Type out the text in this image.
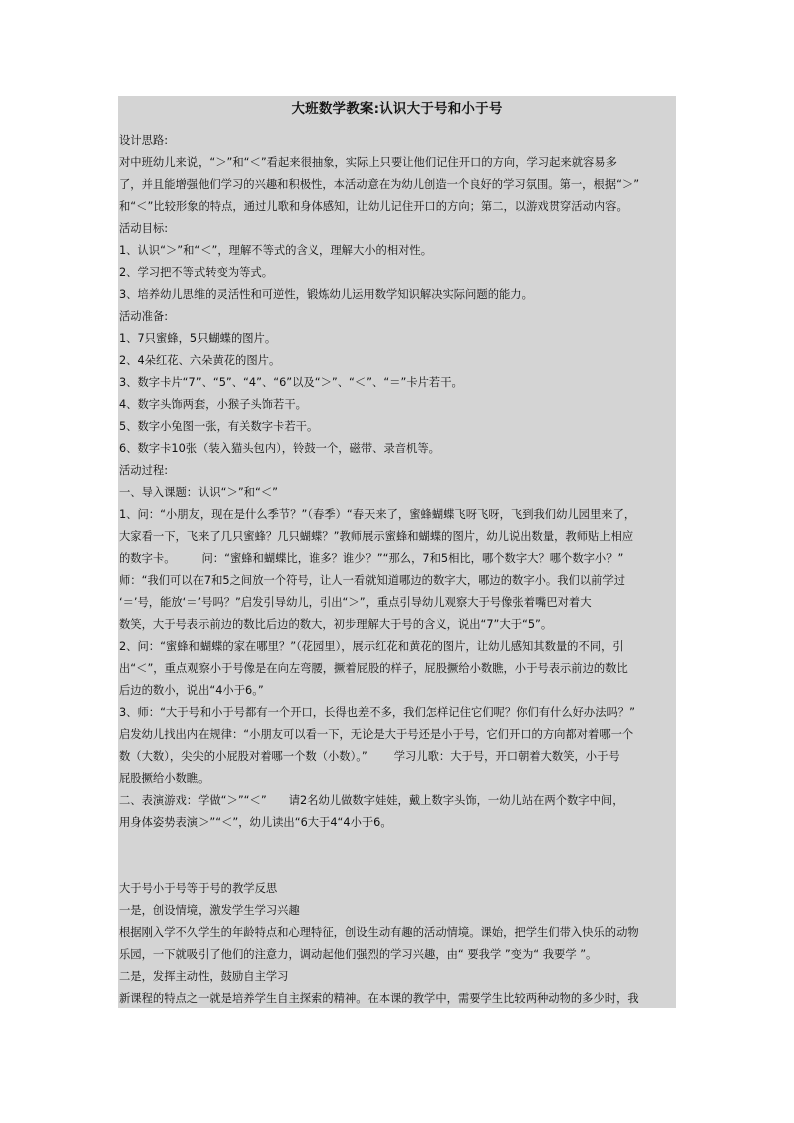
大班数学教案:认识大于号和小于号
设计思路:
对中班幼儿来说，“＞”和“＜”看起来很抽象，实际上只要让他们记住开口的方向，学习起来就容易多
了，并且能增强他们学习的兴趣和积极性，本活动意在为幼儿创造一个良好的学习氛围。第一，根据“＞”
和“＜”比较形象的特点，通过儿歌和身体感知，让幼儿记住开口的方向；第二，以游戏贯穿活动内容。
活动目标:
1、认识“＞”和“＜”，理解不等式的含义，理解大小的相对性。
2、学习把不等式转变为等式。
3、培养幼儿思维的灵活性和可逆性，锻炼幼儿运用数学知识解决实际问题的能力。
活动准备:
1、7只蜜蜂，5只蝴蝶的图片。
2、4朵红花、六朵黄花的图片。
3、数字卡片“7”、“5”、“4”、“6”以及“＞”、“＜”、“＝”卡片若干。
4、数字头饰两套，小猴子头饰若干。
5、数字小兔图一张，有关数字卡若干。
6、数字卡10张（装入猫头包内），铃鼓一个，磁带、录音机等。
活动过程:
一、导入课题：认识“＞”和“＜”
1、问：“小朋友，现在是什么季节？”（春季）“春天来了，蜜蜂蝴蝶飞呀飞呀，飞到我们幼儿园里来了，
大家看一下，飞来了几只蜜蜂？几只蝴蝶？”教师展示蜜蜂和蝴蝶的图片，幼儿说出数量，教师贴上相应
的数字卡。 问：“蜜蜂和蝴蝶比，谁多？谁少？”“那么，7和5相比，哪个数字大？哪个数字小？”
师：“我们可以在7和5之间放一个符号，让人一看就知道哪边的数字大，哪边的数字小。我们以前学过
‘＝’号，能放‘＝’号吗？”启发引导幼儿，引出“＞”，重点引导幼儿观察大于号像张着嘴巴对着大
数笑，大于号表示前边的数比后边的数大，初步理解大于号的含义，说出“7”大于“5”。
2、问：“蜜蜂和蝴蝶的家在哪里？”（花园里），展示红花和黄花的图片，让幼儿感知其数量的不同，引
出“＜”，重点观察小于号像是在向左弯腰，撅着屁股的样子，屁股撅给小数瞧，小于号表示前边的数比
后边的数小，说出“4小于6。”
3、师：“大于号和小于号都有一个开口，长得也差不多，我们怎样记住它们呢？你们有什么好办法吗？”
启发幼儿找出内在规律：“小朋友可以看一下，无论是大于号还是小于号，它们开口的方向都对着哪一个
数（大数），尖尖的小屁股对着哪一个数（小数）。” 学习儿歌：大于号，开口朝着大数笑，小于号
屁股撅给小数瞧。
二、表演游戏：学做“＞”“＜” 请2名幼儿做数字娃娃，戴上数字头饰，一幼儿站在两个数字中间，
用身体姿势表演＞”“＜”，幼儿读出“6大于4“4小于6。
大于号小于号等于号的教学反思
一是，创设情境，激发学生学习兴趣
根据刚入学不久学生的年龄特点和心理特征，创设生动有趣的活动情境。课始，把学生们带入快乐的动物
乐园，一下就吸引了他们的注意力，调动起他们强烈的学习兴趣，由“ 要我学 ”变为“ 我要学 ”。
二是，发挥主动性，鼓励自主学习
新课程的特点之一就是培养学生自主探索的精神。在本课的教学中，需要学生比较两种动物的多少时，我
